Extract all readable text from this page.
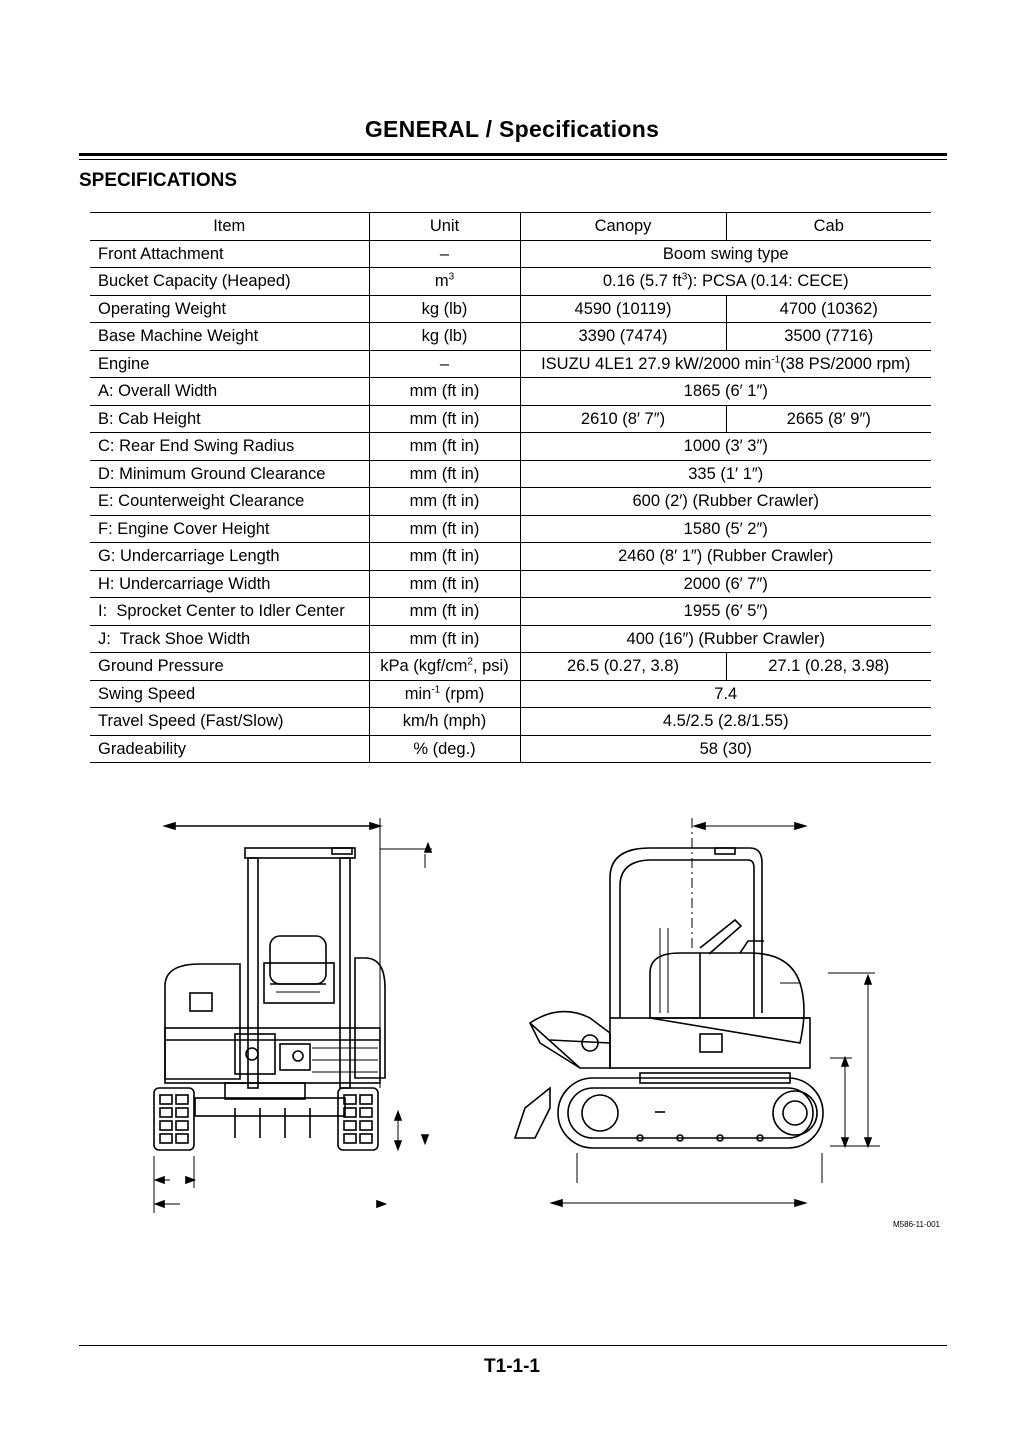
GENERAL / Specifications
SPECIFICATIONS
Item	Unit	Canopy	Cab
Front Attachment	–	Boom swing type	
Bucket Capacity (Heaped)	$m^3$	0.16 (5.7 $ft^3$): PCSA (0.14: CECE)	
Operating Weight	kg (lb)	4590 (10119)	4700 (10362)
Base Machine Weight	kg (lb)	3390 (7474)	3500 (7716)
Engine	–	ISUZU 4LE1 27.9 kW/2000 $\min^{-1}(38$ PS/2000 rpm)	
A: Overall Width	mm (ft in)	1865 (6′ 1″)	
B: Cab Height	mm (ft in)	2610 (8′ 7″)	2665 (8′ 9″)
C: Rear End Swing Radius	mm (ft in)	1000 (3′ 3″)	
D: Minimum Ground Clearance	mm (ft in)	335 (1′ 1″)	
E: Counterweight Clearance	mm (ft in)	600 (2′) (Rubber Crawler)	
F: Engine Cover Height	mm (ft in)	1580 (5′ 2″)	
G: Undercarriage Length	mm (ft in)	2460 (8′ 1″) (Rubber Crawler)	
H: Undercarriage Width	mm (ft in)	2000 (6′ 7″)	
I:  Sprocket Center to Idler Center	mm (ft in)	1955 (6′ 5″)	
J:  Track Shoe Width	mm (ft in)	400 (16″) (Rubber Crawler)	
Ground Pressure	kPa ($kgf/cm^2$, psi)	26.5 (0.27, 3.8)	27.1 (0.28, 3.98)
Swing Speed	$\min^{-1} (rpm)$	7.4	
Travel Speed (Fast/Slow)	km/h (mph)	4.5/2.5 (2.8/1.55)	
Gradeability	% (deg.)	58 (30)	
M586-11-001
T1-1-1
